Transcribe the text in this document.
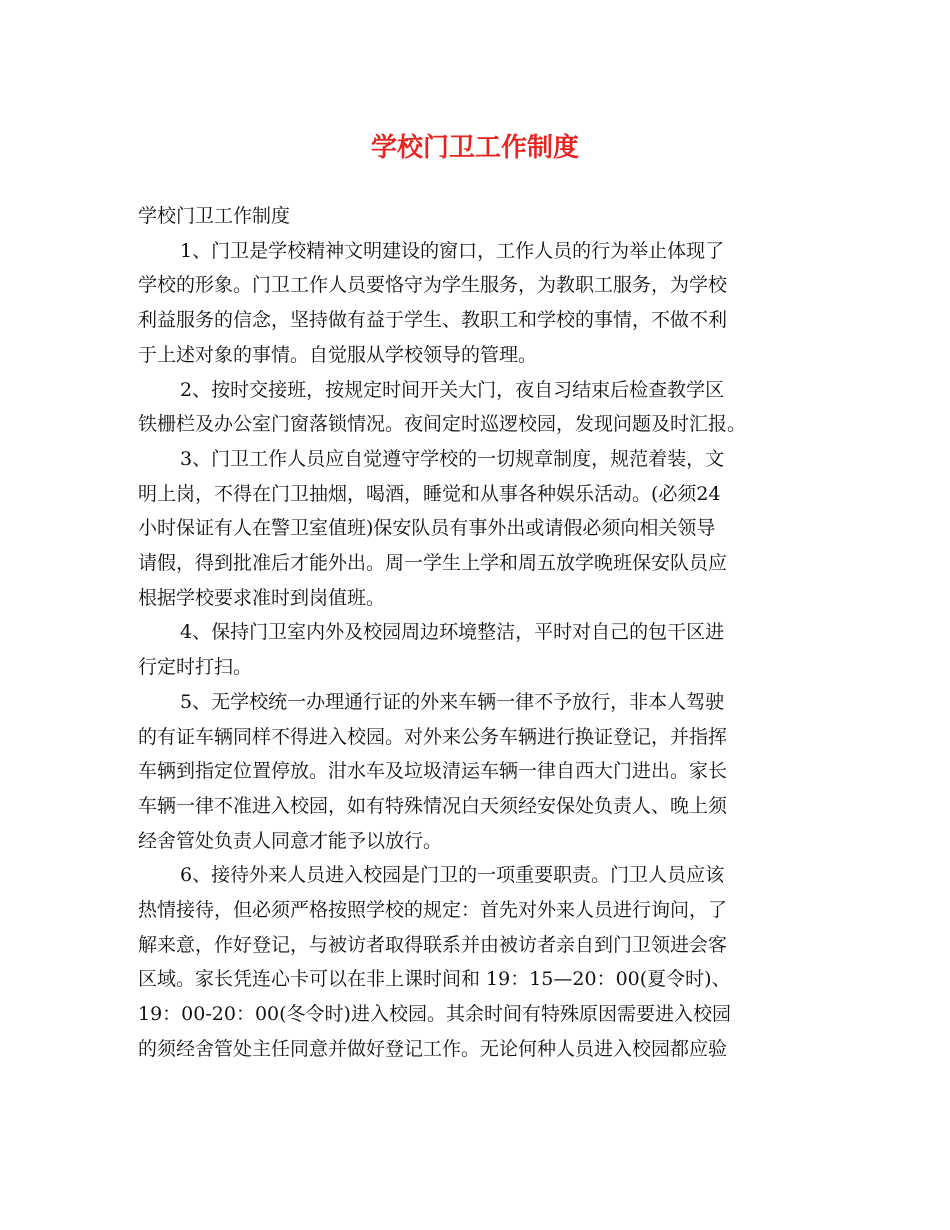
学校门卫工作制度

学校门卫工作制度

1、门卫是学校精神文明建设的窗口，工作人员的行为举止体现了
学校的形象。门卫工作人员要恪守为学生服务，为教职工服务，为学校
利益服务的信念，坚持做有益于学生、教职工和学校的事情，不做不利
于上述对象的事情。自觉服从学校领导的管理。
2、按时交接班，按规定时间开关大门，夜自习结束后检查教学区
铁栅栏及办公室门窗落锁情况。夜间定时巡逻校园，发现问题及时汇报。
3、门卫工作人员应自觉遵守学校的一切规章制度，规范着装，文
明上岗，不得在门卫抽烟，喝酒，睡觉和从事各种娱乐活动。(必须24
小时保证有人在警卫室值班)保安队员有事外出或请假必须向相关领导
请假，得到批准后才能外出。周一学生上学和周五放学晚班保安队员应
根据学校要求准时到岗值班。
4、保持门卫室内外及校园周边环境整洁，平时对自己的包干区进
行定时打扫。
5、无学校统一办理通行证的外来车辆一律不予放行，非本人驾驶
的有证车辆同样不得进入校园。对外来公务车辆进行换证登记，并指挥
车辆到指定位置停放。泔水车及垃圾清运车辆一律自西大门进出。家长
车辆一律不准进入校园，如有特殊情况白天须经安保处负责人、晚上须
经舍管处负责人同意才能予以放行。
6、接待外来人员进入校园是门卫的一项重要职责。门卫人员应该
热情接待，但必须严格按照学校的规定：首先对外来人员进行询问，了
解来意，作好登记，与被访者取得联系并由被访者亲自到门卫领进会客
区域。家长凭连心卡可以在非上课时间和 19：15—20：00(夏令时)、
19：00-20：00(冬令时)进入校园。其余时间有特殊原因需要进入校园
的须经舍管处主任同意并做好登记工作。无论何种人员进入校园都应验
